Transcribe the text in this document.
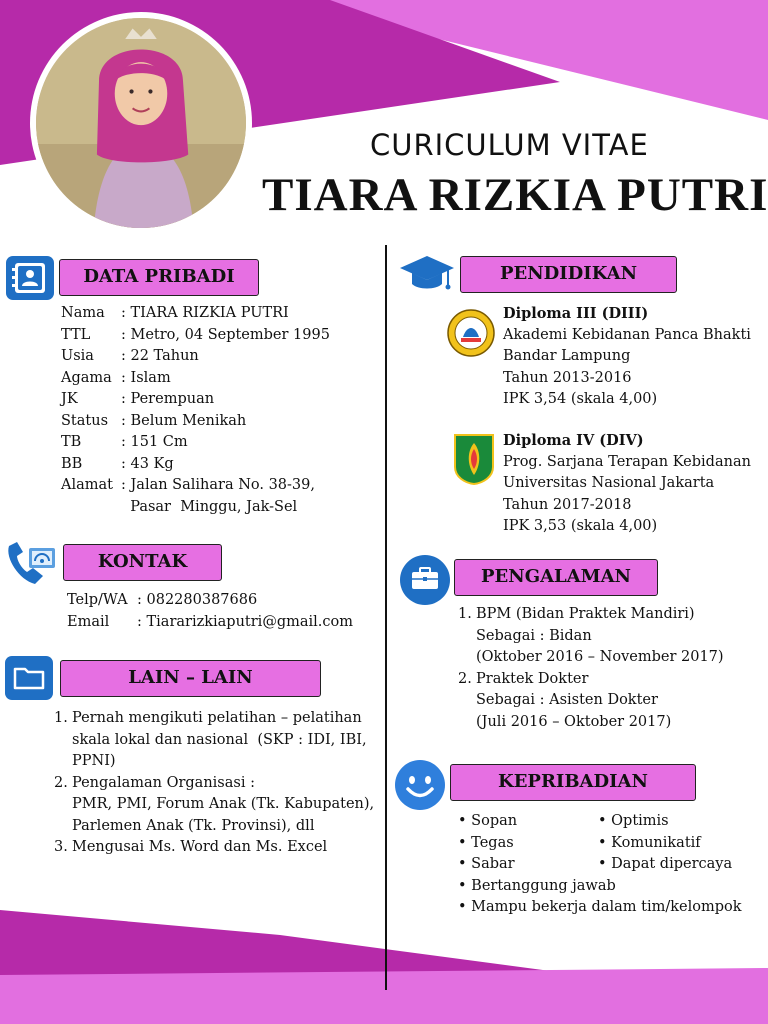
CURICULUM VITAE
TIARA RIZKIA PUTRI
DATA PRIBADI
Nama	: TIARA RIZKIA PUTRI
TTL	: Metro, 04 September 1995
Usia	: 22 Tahun
Agama : Islam
JK	: Perempuan
Status : Belum Menikah
TB	: 151 Cm
BB	: 43 Kg
Alamat : Jalan Salihara No. 38-39,
Pasar  Minggu, Jak-Sel
KONTAK
Telp/WA : 082280387686
Email	: Tiararizkiaputri@gmail.com
LAIN – LAIN
1. Pernah mengikuti pelatihan – pelatihan
skala lokal dan nasional  (SKP : IDI, IBI,
PPNI)
2. Pengalaman Organisasi :
PMR, PMI, Forum Anak (Tk. Kabupaten),
Parlemen Anak (Tk. Provinsi), dll
3. Mengusai Ms. Word dan Ms. Excel
PENDIDIKAN
Diploma III (DIII)
Akademi Kebidanan Panca Bhakti
Bandar Lampung
Tahun 2013-2016
IPK 3,54 (skala 4,00)
Diploma IV (DIV)
Prog. Sarjana Terapan Kebidanan
Universitas Nasional Jakarta
Tahun 2017-2018
IPK 3,53 (skala 4,00)
PENGALAMAN
1. BPM (Bidan Praktek Mandiri)
Sebagai : Bidan
(Oktober 2016 – November 2017)
2. Praktek Dokter
Sebagai : Asisten Dokter
(Juli 2016 – Oktober 2017)
KEPRIBADIAN
• Sopan	• Optimis
• Tegas	• Komunikatif
• Sabar	• Dapat dipercaya
• Bertanggung jawab
• Mampu bekerja dalam tim/kelompok
